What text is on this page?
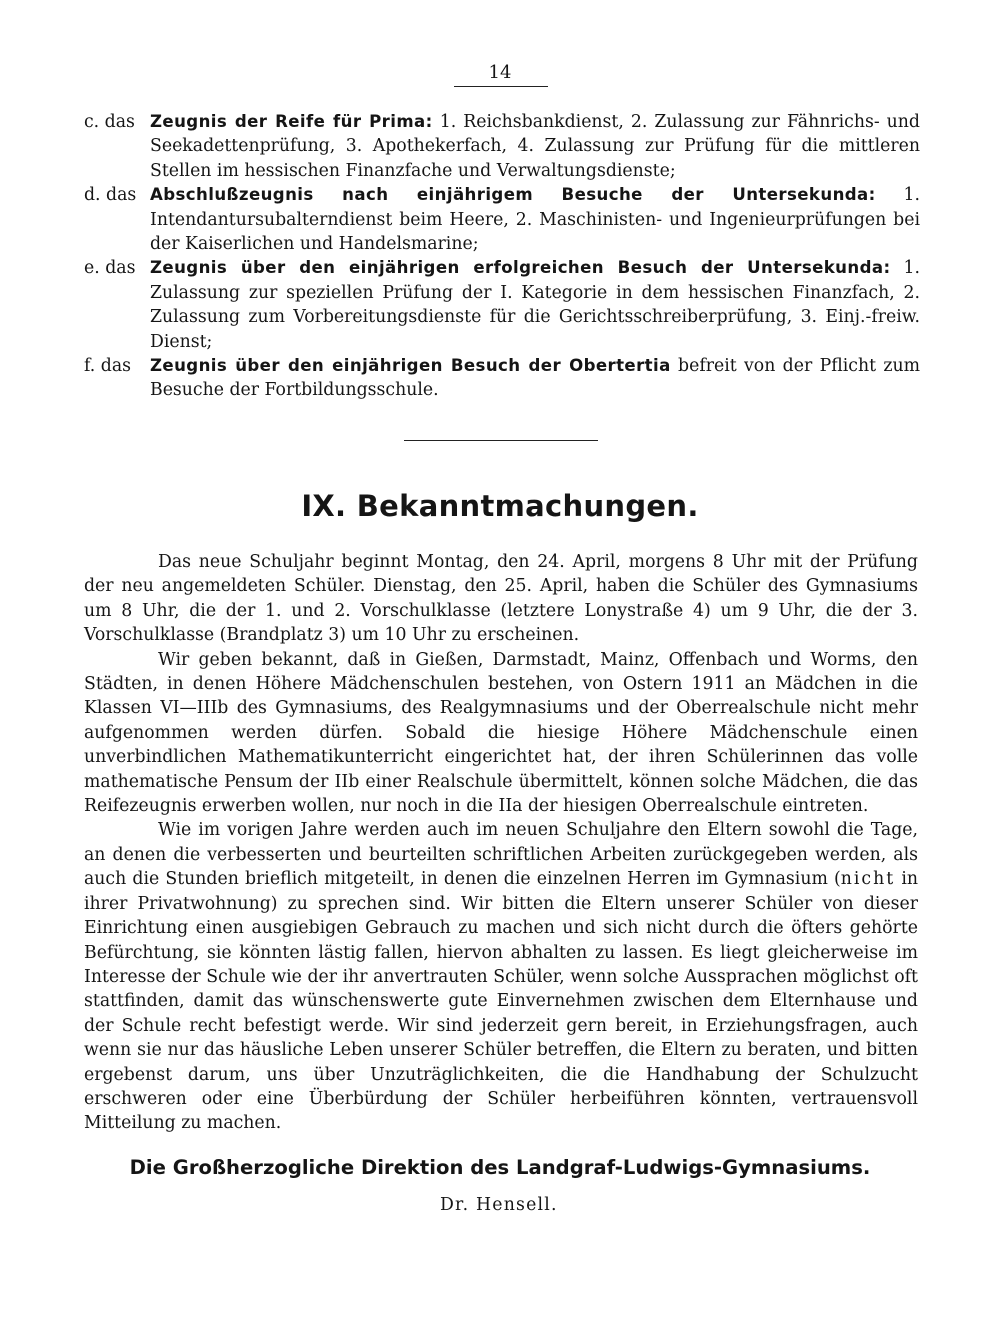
14

c. das Zeugnis der Reife für Prima: 1. Reichsbankdienst, 2. Zulassung zur Fähnrichs- und Seekadettenprüfung, 3. Apothekerfach, 4. Zulassung zur Prüfung für die mittleren Stellen im hessischen Finanzfache und Verwaltungsdienste;

d. das Abschlußzeugnis nach einjährigem Besuche der Untersekunda: 1. Intendantursubalterndienst beim Heere, 2. Maschinisten- und Ingenieurprüfungen bei der Kaiserlichen und Handelsmarine;

e. das Zeugnis über den einjährigen erfolgreichen Besuch der Untersekunda: 1. Zulassung zur speziellen Prüfung der I. Kategorie in dem hessischen Finanzfach, 2. Zulassung zum Vorbereitungsdienste für die Gerichtsschreiberprüfung, 3. Einj.-freiw. Dienst;

f. das Zeugnis über den einjährigen Besuch der Obertertia befreit von der Pflicht zum Besuche der Fortbildungsschule.

IX. Bekanntmachungen.

Das neue Schuljahr beginnt Montag, den 24. April, morgens 8 Uhr mit der Prüfung der neu angemeldeten Schüler. Dienstag, den 25. April, haben die Schüler des Gymnasiums um 8 Uhr, die der 1. und 2. Vorschulklasse (letztere Lonystraße 4) um 9 Uhr, die der 3. Vorschulklasse (Brandplatz 3) um 10 Uhr zu erscheinen.

Wir geben bekannt, daß in Gießen, Darmstadt, Mainz, Offenbach und Worms, den Städten, in denen Höhere Mädchenschulen bestehen, von Ostern 1911 an Mädchen in die Klassen VI—IIIb des Gymnasiums, des Realgymnasiums und der Oberrealschule nicht mehr aufgenommen werden dürfen. Sobald die hiesige Höhere Mädchenschule einen unverbindlichen Mathematikunterricht eingerichtet hat, der ihren Schülerinnen das volle mathematische Pensum der IIb einer Realschule übermittelt, können solche Mädchen, die das Reifezeugnis erwerben wollen, nur noch in die IIa der hiesigen Oberrealschule eintreten.

Wie im vorigen Jahre werden auch im neuen Schuljahre den Eltern sowohl die Tage, an denen die verbesserten und beurteilten schriftlichen Arbeiten zurückgegeben werden, als auch die Stunden brieflich mitgeteilt, in denen die einzelnen Herren im Gymnasium (nicht in ihrer Privatwohnung) zu sprechen sind. Wir bitten die Eltern unserer Schüler von dieser Einrichtung einen ausgiebigen Gebrauch zu machen und sich nicht durch die öfters gehörte Befürchtung, sie könnten lästig fallen, hiervon abhalten zu lassen. Es liegt gleicherweise im Interesse der Schule wie der ihr anvertrauten Schüler, wenn solche Aussprachen möglichst oft stattfinden, damit das wünschenswerte gute Einvernehmen zwischen dem Elternhause und der Schule recht befestigt werde. Wir sind jederzeit gern bereit, in Erziehungsfragen, auch wenn sie nur das häusliche Leben unserer Schüler betreffen, die Eltern zu beraten, und bitten ergebenst darum, uns über Unzuträglichkeiten, die die Handhabung der Schulzucht erschweren oder eine Überbürdung der Schüler herbeiführen könnten, vertrauensvoll Mitteilung zu machen.

Die Großherzogliche Direktion des Landgraf-Ludwigs-Gymnasiums.
Dr. Hensell.
